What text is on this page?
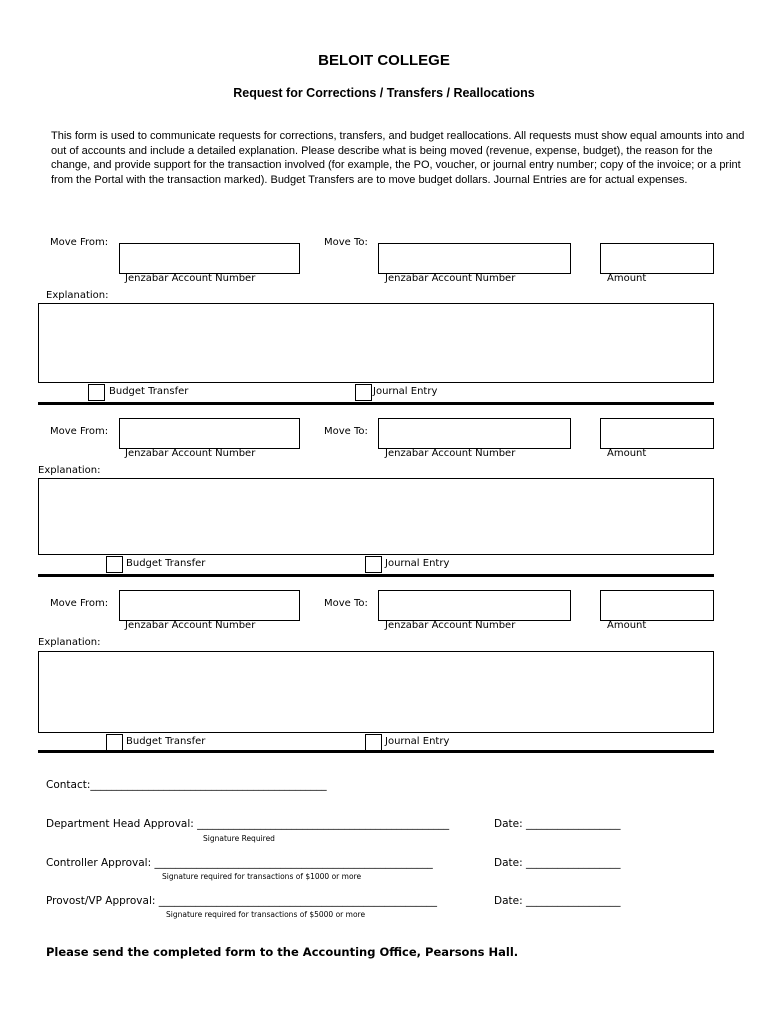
BELOIT COLLEGE
Request for Corrections / Transfers / Reallocations
This form is used to communicate requests for corrections, transfers, and budget reallocations. All requests must show equal amounts into and out of accounts and include a detailed explanation. Please describe what is being moved (revenue, expense, budget), the reason for the change, and provide support for the transaction involved (for example, the PO, voucher, or journal entry number; copy of the invoice; or a print from the Portal with the transaction marked). Budget Transfers are to move budget dollars. Journal Entries are for actual expenses.
Move From:
Jenzabar Account Number
Move To:
Jenzabar Account Number	Amount
Explanation:
Budget Transfer	Journal Entry
Move From:
Jenzabar Account Number
Move To:
Jenzabar Account Number	Amount
Explanation:
Budget Transfer	Journal Entry
Move From:
Jenzabar Account Number
Move To:
Jenzabar Account Number	Amount
Explanation:
Budget Transfer	Journal Entry
Contact:_____________________________________________
Department Head Approval: ________________________________________________	Date: __________________
Signature Required
Controller Approval: _____________________________________________________	Date: __________________
Signature required for transactions of $1000 or more
Provost/VP Approval: _____________________________________________________	Date: __________________
Signature required for transactions of $5000 or more
Please send the completed form to the Accounting Office, Pearsons Hall.
